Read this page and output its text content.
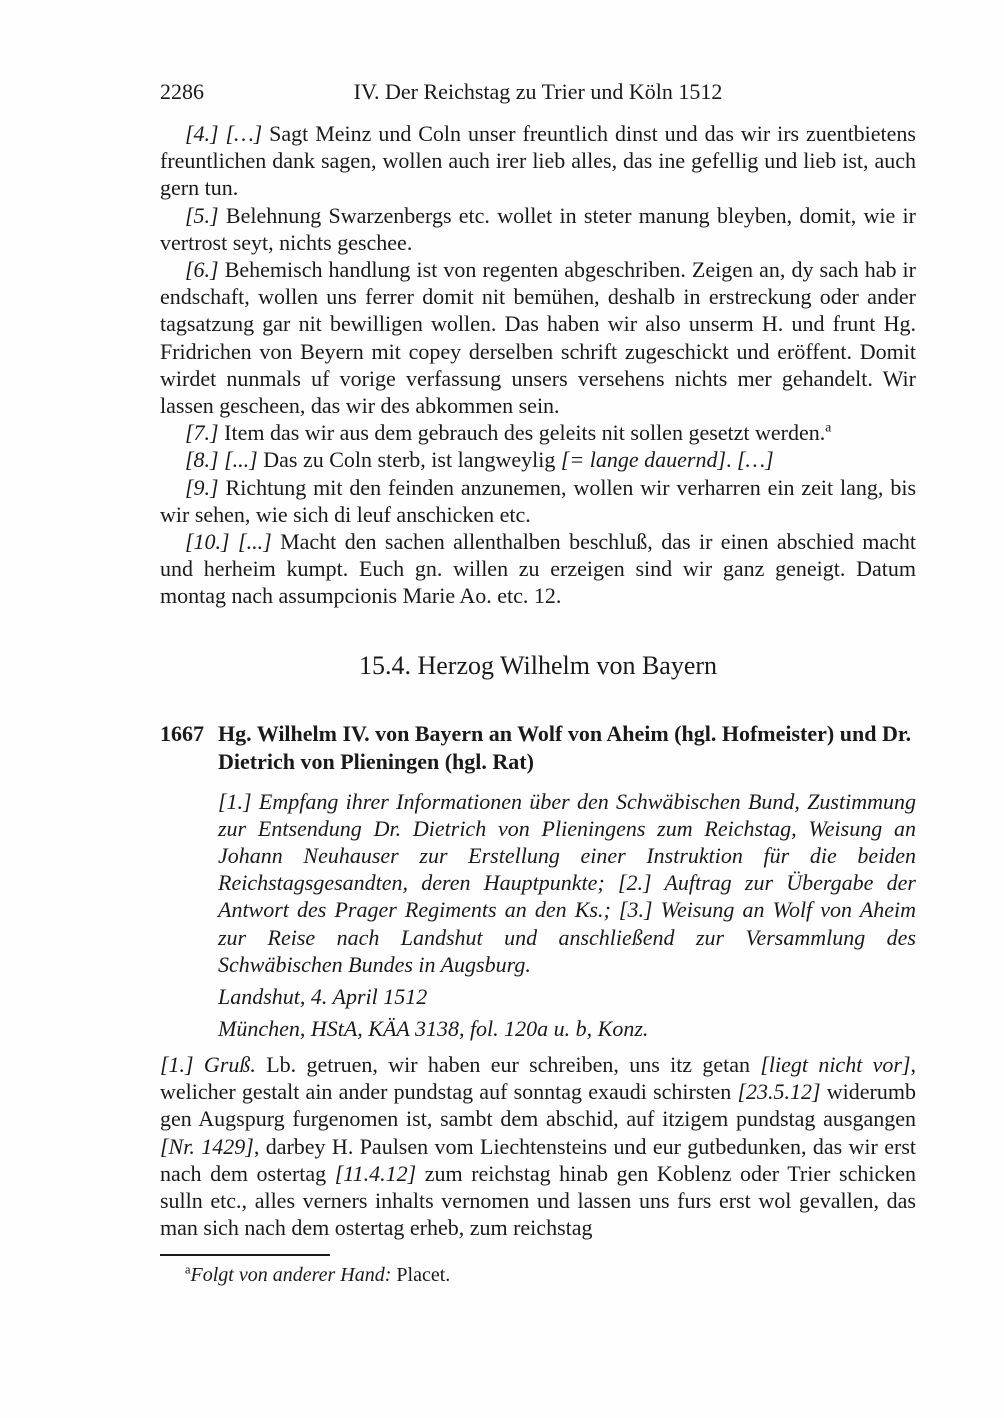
2286	IV. Der Reichstag zu Trier und Köln 1512

[4.] […] Sagt Meinz und Coln unser freuntlich dinst und das wir irs zuentbietens freuntlichen dank sagen, wollen auch irer lieb alles, das ine gefellig und lieb ist, auch gern tun.

[5.] Belehnung Swarzenbergs etc. wollet in steter manung bleyben, domit, wie ir vertrost seyt, nichts geschee.

[6.] Behemisch handlung ist von regenten abgeschriben. Zeigen an, dy sach hab ir endschaft, wollen uns ferrer domit nit bemühen, deshalb in erstreckung oder ander tagsatzung gar nit bewilligen wollen. Das haben wir also unserm H. und frunt Hg. Fridrichen von Beyern mit copey derselben schrift zugeschickt und eröffent. Domit wirdet nunmals uf vorige verfassung unsers versehens nichts mer gehandelt. Wir lassen gescheen, das wir des abkommen sein.

[7.] Item das wir aus dem gebrauch des geleits nit sollen gesetzt werden.$^a$

[8.] [...] Das zu Coln sterb, ist langweylig [= lange dauernd]. […]

[9.] Richtung mit den feinden anzunemen, wollen wir verharren ein zeit lang, bis wir sehen, wie sich di leuf anschicken etc.

[10.] [...] Macht den sachen allenthalben beschluß, das ir einen abschied macht und herheim kumpt. Euch gn. willen zu erzeigen sind wir ganz geneigt. Datum montag nach assumpcionis Marie Ao. etc. 12.

15.4. Herzog Wilhelm von Bayern
1667 Hg. Wilhelm IV. von Bayern an Wolf von Aheim (hgl. Hofmeister) und Dr. Dietrich von Plieningen (hgl. Rat)

[1.] Empfang ihrer Informationen über den Schwäbischen Bund, Zustimmung zur Entsendung Dr. Dietrich von Plieningens zum Reichstag, Weisung an Johann Neuhauser zur Erstellung einer Instruktion für die beiden Reichstagsgesandten, deren Hauptpunkte; [2.] Auftrag zur Übergabe der Antwort des Prager Regiments an den Ks.; [3.] Weisung an Wolf von Aheim zur Reise nach Landshut und anschließend zur Versammlung des Schwäbischen Bundes in Augsburg.

Landshut, 4. April 1512

München, HStA, KÄA 3138, fol. 120a u. b, Konz.

[1.] Gruß. Lb. getruen, wir haben eur schreiben, uns itz getan [liegt nicht vor], welicher gestalt ain ander pundstag auf sonntag exaudi schirsten [23.5.12] widerumb gen Augspurg furgenomen ist, sambt dem abschid, auf itzigem pundstag ausgangen [Nr. 1429], darbey H. Paulsen vom Liechtensteins und eur gutbedunken, das wir erst nach dem ostertag [11.4.12] zum reichstag hinab gen Koblenz oder Trier schicken sulln etc., alles verners inhalts vernomen und lassen uns furs erst wol gevallen, das man sich nach dem ostertag erheb, zum reichstag

$^a$Folgt von anderer Hand: Placet.
